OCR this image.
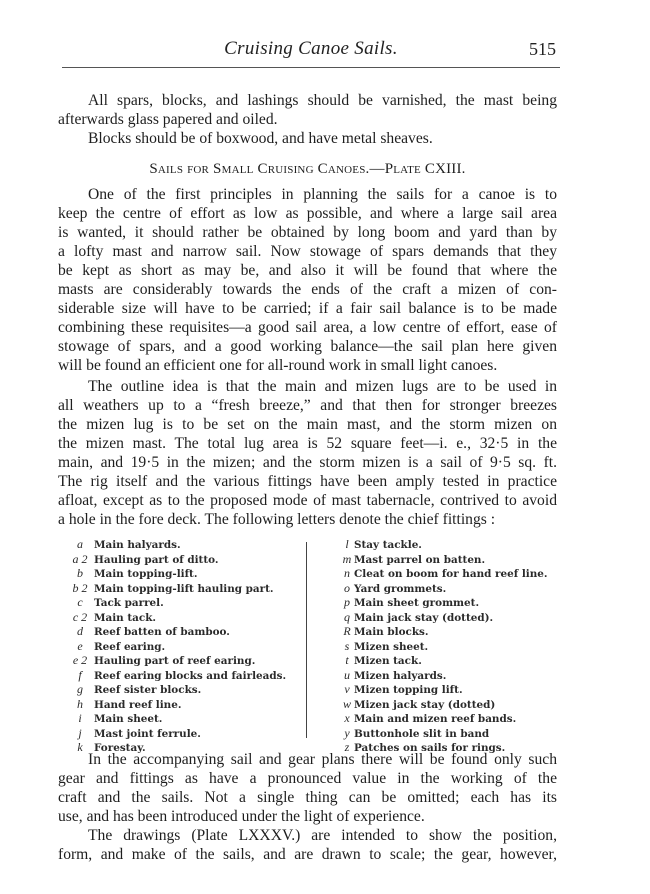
Cruising Canoe Sails.	515
All spars, blocks, and lashings should be varnished, the mast being
afterwards glass papered and oiled.
Blocks should be of boxwood, and have metal sheaves.
Sails for Small Cruising Canoes.—Plate CXIII.
One of the first principles in planning the sails for a canoe is to
keep the centre of effort as low as possible, and where a large sail area
is wanted, it should rather be obtained by long boom and yard than by
a lofty mast and narrow sail. Now stowage of spars demands that they
be kept as short as may be, and also it will be found that where the
masts are considerably towards the ends of the craft a mizen of con-
siderable size will have to be carried; if a fair sail balance is to be made
combining these requisites—a good sail area, a low centre of effort, ease of
stowage of spars, and a good working balance—the sail plan here given
will be found an efficient one for all-round work in small light canoes.
The outline idea is that the main and mizen lugs are to be used in
all weathers up to a “fresh breeze,” and that then for stronger breezes
the mizen lug is to be set on the main mast, and the storm mizen on
the mizen mast. The total lug area is 52 square feet—i. e., 32·5 in the
main, and 19·5 in the mizen; and the storm mizen is a sail of 9·5 sq. ft.
The rig itself and the various fittings have been amply tested in practice
afloat, except as to the proposed mode of mast tabernacle, contrived to avoid
a hole in the fore deck. The following letters denote the chief fittings :
a Main halyards.
a 2 Hauling part of ditto.
b Main topping-lift.
b 2 Main topping-lift hauling part.
c Tack parrel.
c 2 Main tack.
d Reef batten of bamboo.
e Reef earing.
e 2 Hauling part of reef earing.
f Reef earing blocks and fairleads.
g Reef sister blocks.
h Hand reef line.
i Main sheet.
j Mast joint ferrule.
k Forestay.
l Stay tackle.
m Mast parrel on batten.
n Cleat on boom for hand reef line.
o Yard grommets.
p Main sheet grommet.
q Main jack stay (dotted).
R Main blocks.
s Mizen sheet.
t Mizen tack.
u Mizen halyards.
v Mizen topping lift.
w Mizen jack stay (dotted)
x Main and mizen reef bands.
y Buttonhole slit in band
z Patches on sails for rings.
In the accompanying sail and gear plans there will be found only such
gear and fittings as have a pronounced value in the working of the
craft and the sails. Not a single thing can be omitted; each has its
use, and has been introduced under the light of experience.
The drawings (Plate LXXXV.) are intended to show the position,
form, and make of the sails, and are drawn to scale; the gear, however,
